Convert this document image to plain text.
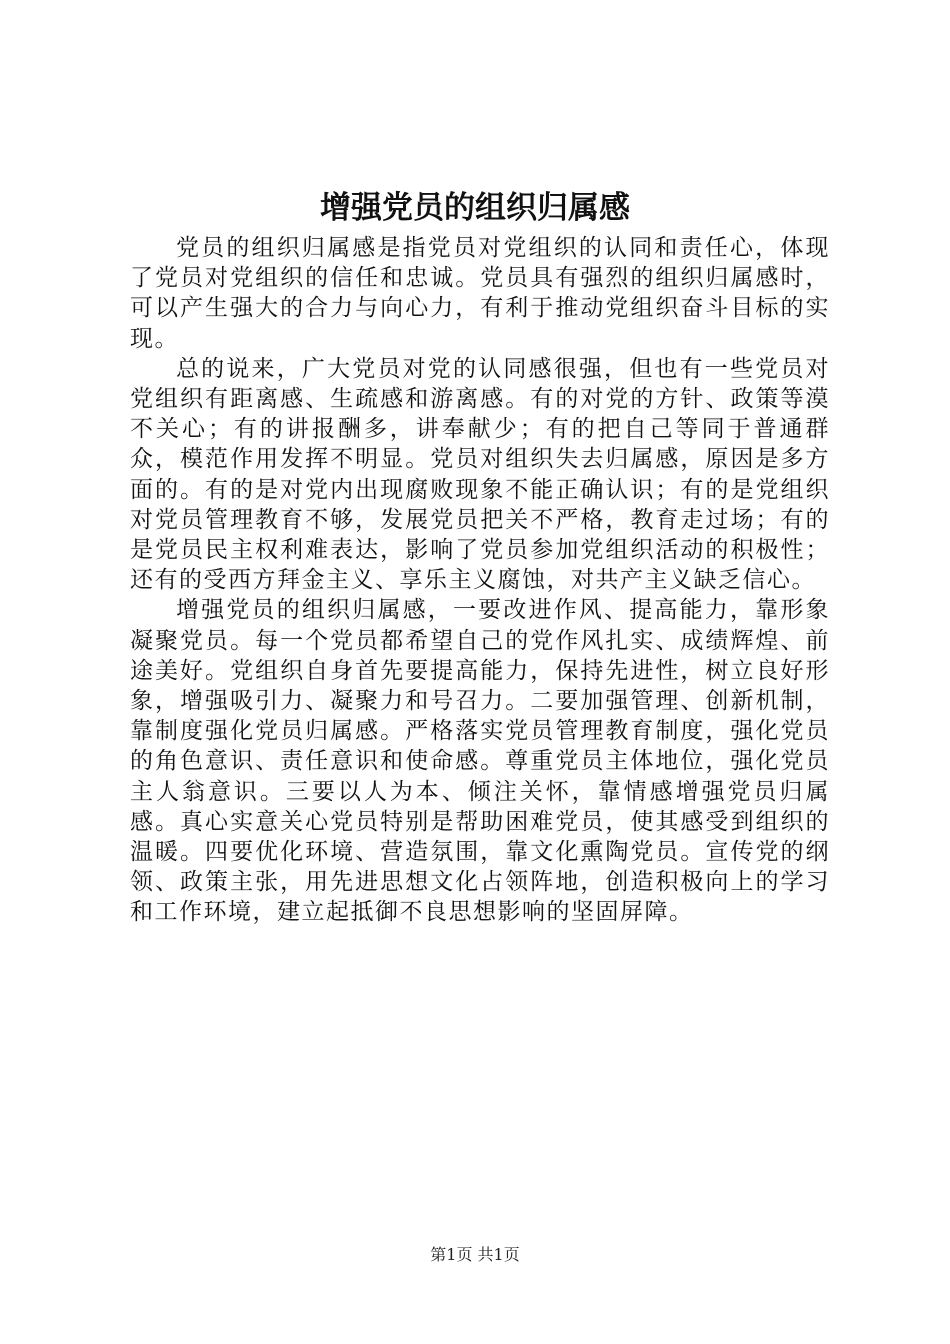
增强党员的组织归属感

党员的组织归属感是指党员对党组织的认同和责任心，体现了党员对党组织的信任和忠诚。党员具有强烈的组织归属感时，可以产生强大的合力与向心力，有利于推动党组织奋斗目标的实现。

总的说来，广大党员对党的认同感很强，但也有一些党员对党组织有距离感、生疏感和游离感。有的对党的方针、政策等漠不关心；有的讲报酬多，讲奉献少；有的把自己等同于普通群众，模范作用发挥不明显。党员对组织失去归属感，原因是多方面的。有的是对党内出现腐败现象不能正确认识；有的是党组织对党员管理教育不够，发展党员把关不严格，教育走过场；有的是党员民主权利难表达，影响了党员参加党组织活动的积极性；还有的受西方拜金主义、享乐主义腐蚀，对共产主义缺乏信心。

增强党员的组织归属感，一要改进作风、提高能力，靠形象凝聚党员。每一个党员都希望自己的党作风扎实、成绩辉煌、前途美好。党组织自身首先要提高能力，保持先进性，树立良好形象，增强吸引力、凝聚力和号召力。二要加强管理、创新机制，靠制度强化党员归属感。严格落实党员管理教育制度，强化党员的角色意识、责任意识和使命感。尊重党员主体地位，强化党员主人翁意识。三要以人为本、倾注关怀，靠情感增强党员归属感。真心实意关心党员特别是帮助困难党员，使其感受到组织的温暖。四要优化环境、营造氛围，靠文化熏陶党员。宣传党的纲领、政策主张，用先进思想文化占领阵地，创造积极向上的学习和工作环境，建立起抵御不良思想影响的坚固屏障。

第1页 共1页
